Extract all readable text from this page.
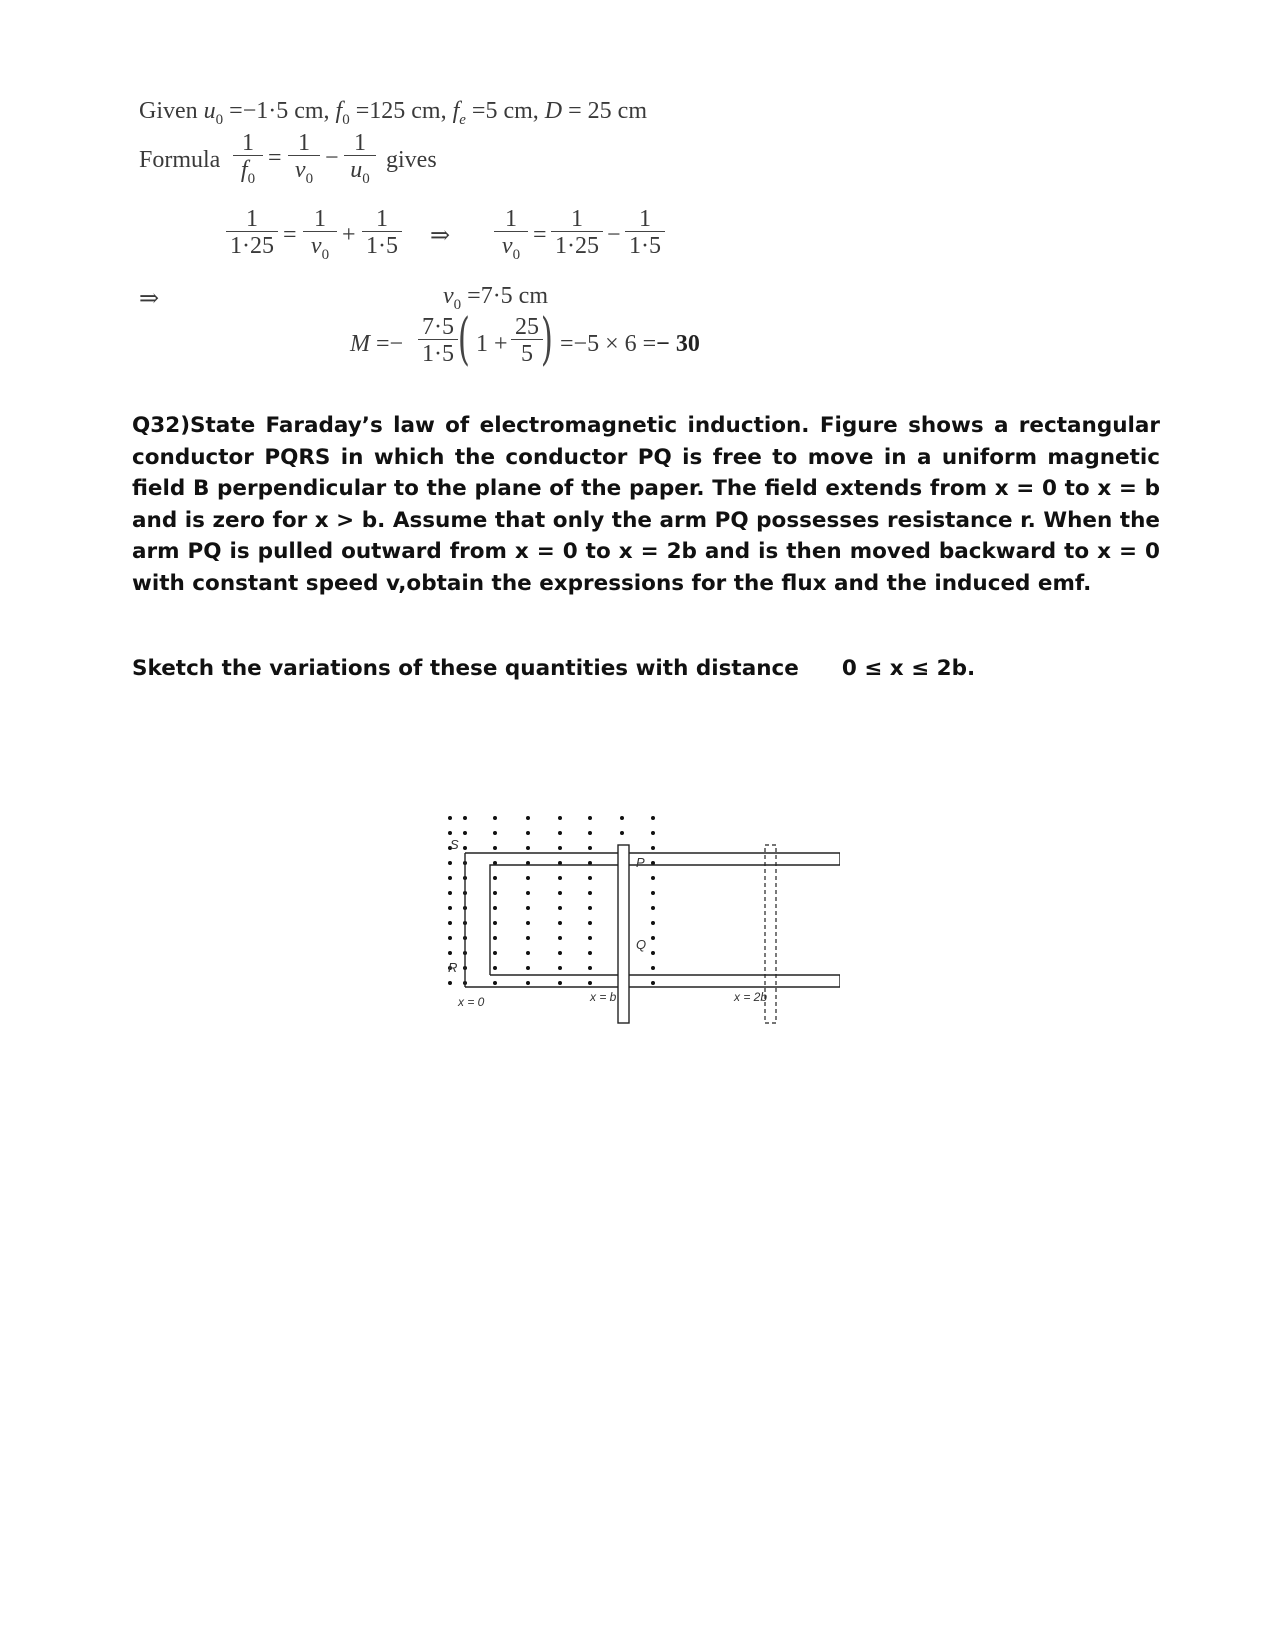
Given $u_0 =-1\cdot 5$ cm, $f_0 =125$ cm, $f_e =5$ cm, D = 25 cm
Formula $\frac{1}{f_0} = \frac{1}{v_0} - \frac{1}{u_0}$ gives
$\frac{1}{1\cdot 25} = \frac{1}{v_0} + \frac{1}{1\cdot 5}$ ⇒ $\frac{1}{v_0} = \frac{1}{1\cdot 25} - \frac{1}{1\cdot 5}$
⇒	$v_0 =7\cdot 5$ cm
$M =- \frac{7\cdot 5}{1\cdot 5}$ ( $1 + \frac{25}{5}$
) =−5 × 6 =− 30
Q32)State Faraday’s law of electromagnetic induction. Figure shows a rectangular conductor PQRS in which the conductor PQ is free to move in a uniform magnetic field B perpendicular to the plane of the paper. The field extends from x = 0 to x = b and is zero for x > b. Assume that only the arm PQ possesses resistance r. When the arm PQ is pulled outward from x = 0 to x = 2b and is then moved backward to x = 0 with constant speed v,obtain the expressions for the flux and the induced emf.
Sketch the variations of these quantities with distance 0 ≤ x ≤ 2b.
S
P
Q
R
x = 0	x = b	x = 2b
